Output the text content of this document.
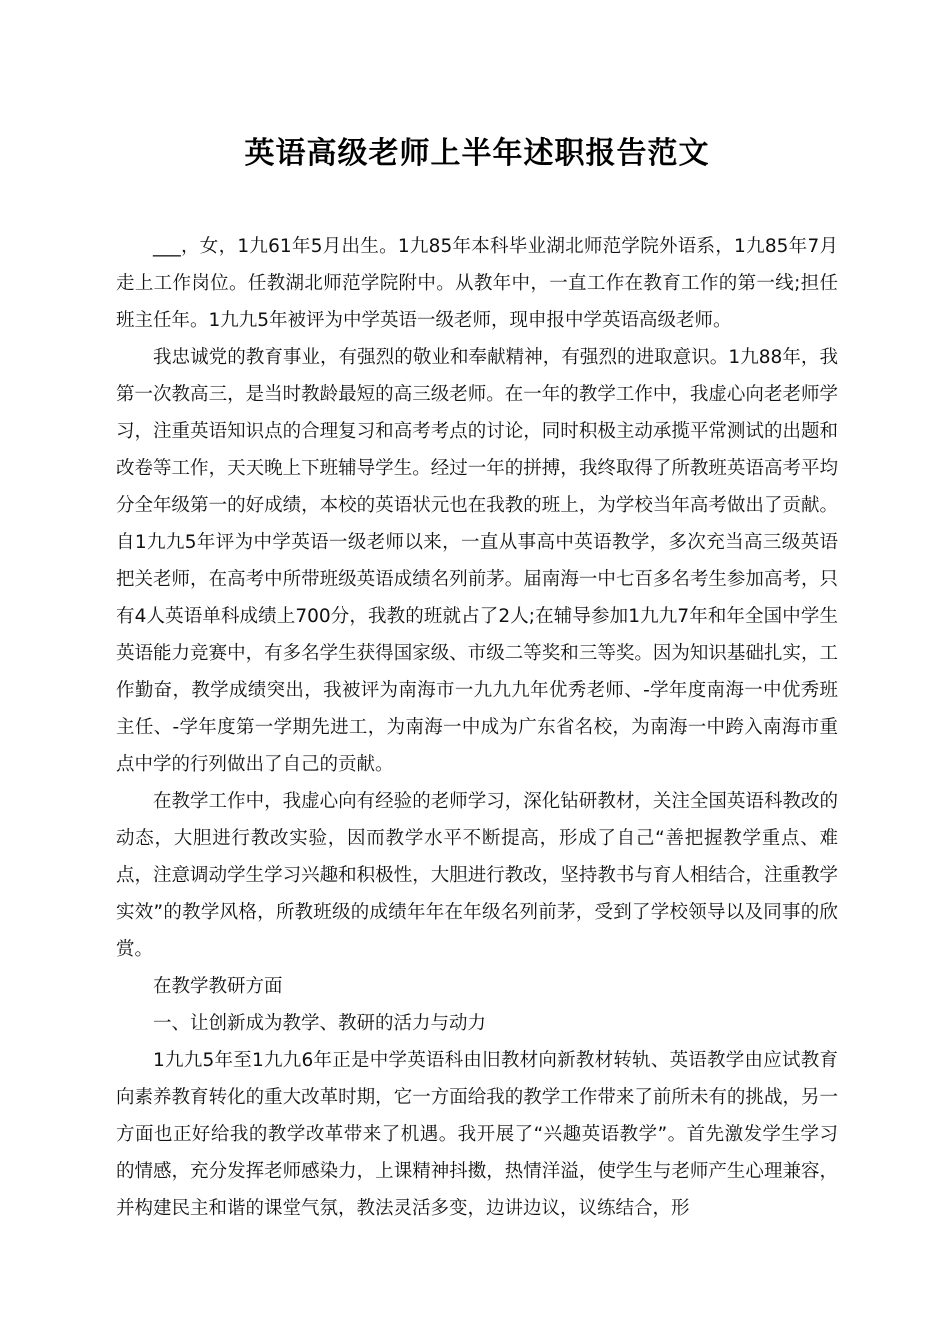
英语高级老师上半年述职报告范文

___，女，1九61年5月出生。1九85年本科毕业湖北师范学院外语系，1九85年7月走上工作岗位。任教湖北师范学院附中。从教年中，一直工作在教育工作的第一线;担任班主任年。1九九5年被评为中学英语一级老师，现申报中学英语高级老师。

我忠诚党的教育事业，有强烈的敬业和奉献精神，有强烈的进取意识。1九88年，我第一次教高三，是当时教龄最短的高三级老师。在一年的教学工作中，我虚心向老老师学习，注重英语知识点的合理复习和高考考点的讨论，同时积极主动承揽平常测试的出题和改卷等工作，天天晚上下班辅导学生。经过一年的拼搏，我终取得了所教班英语高考平均分全年级第一的好成绩，本校的英语状元也在我教的班上，为学校当年高考做出了贡献。自1九九5年评为中学英语一级老师以来，一直从事高中英语教学，多次充当高三级英语把关老师，在高考中所带班级英语成绩名列前茅。届南海一中七百多名考生参加高考，只有4人英语单科成绩上700分，我教的班就占了2人;在辅导参加1九九7年和年全国中学生英语能力竞赛中，有多名学生获得国家级、市级二等奖和三等奖。因为知识基础扎实，工作勤奋，教学成绩突出，我被评为南海市一九九九年优秀老师、-学年度南海一中优秀班主任、-学年度第一学期先进工，为南海一中成为广东省名校，为南海一中跨入南海市重点中学的行列做出了自己的贡献。

在教学工作中，我虚心向有经验的老师学习，深化钻研教材，关注全国英语科教改的动态，大胆进行教改实验，因而教学水平不断提高，形成了自己“善把握教学重点、难点，注意调动学生学习兴趣和积极性，大胆进行教改，坚持教书与育人相结合，注重教学实效”的教学风格，所教班级的成绩年年在年级名列前茅，受到了学校领导以及同事的欣赏。

在教学教研方面

一、让创新成为教学、教研的活力与动力

1九九5年至1九九6年正是中学英语科由旧教材向新教材转轨、英语教学由应试教育向素养教育转化的重大改革时期，它一方面给我的教学工作带来了前所未有的挑战，另一方面也正好给我的教学改革带来了机遇。我开展了“兴趣英语教学”。首先激发学生学习的情感，充分发挥老师感染力，上课精神抖擞，热情洋溢，使学生与老师产生心理兼容，并构建民主和谐的课堂气氛，教法灵活多变，边讲边议，议练结合，形
